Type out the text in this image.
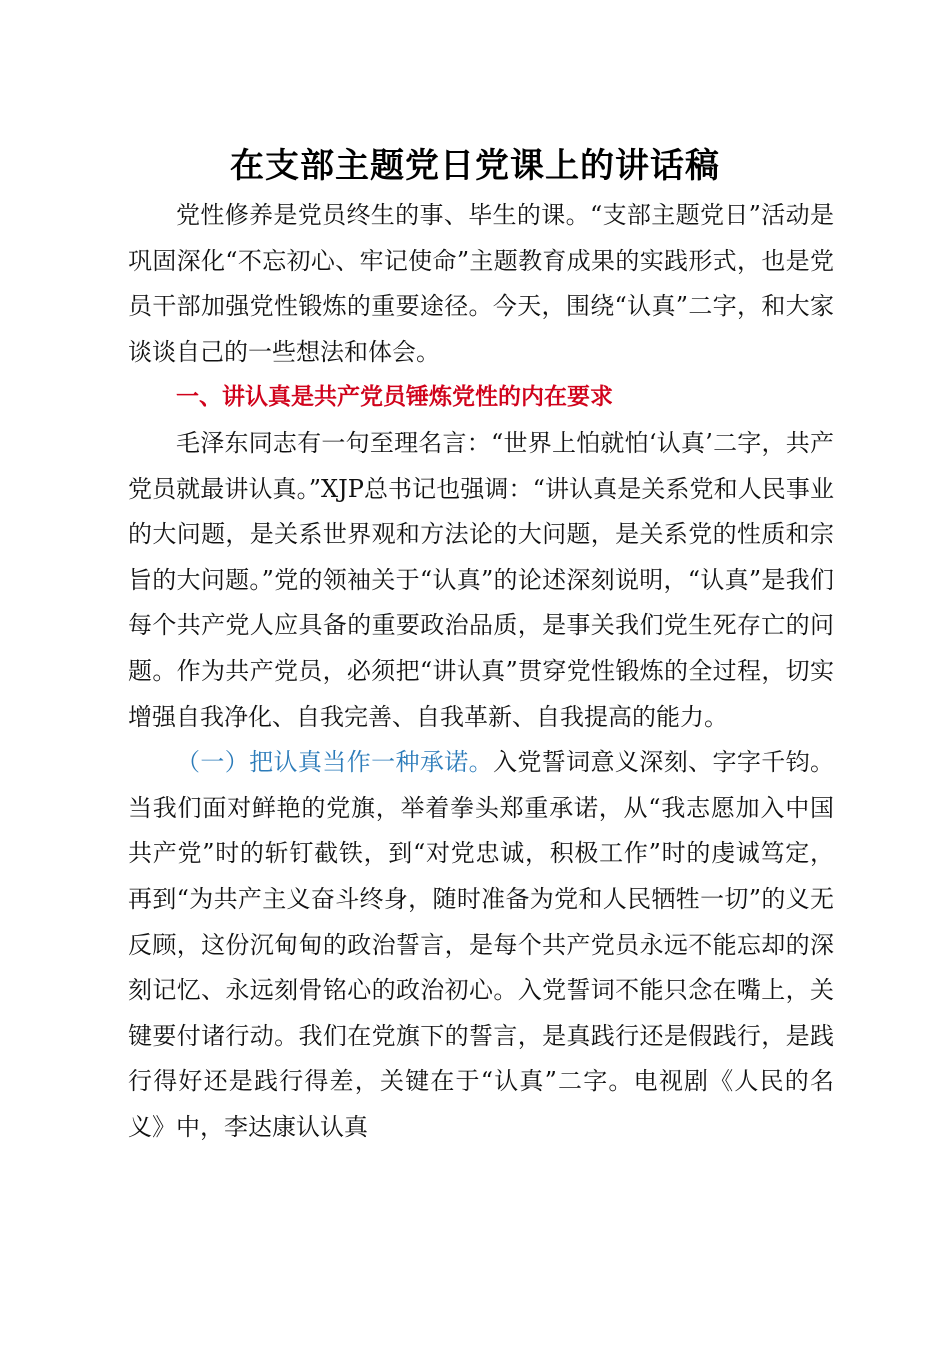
在支部主题党日党课上的讲话稿

党性修养是党员终生的事、毕生的课。“支部主题党日”活动是巩固深化“不忘初心、牢记使命”主题教育成果的实践形式，也是党员干部加强党性锻炼的重要途径。今天，围绕“认真”二字，和大家谈谈自己的一些想法和体会。

一、讲认真是共产党员锤炼党性的内在要求

毛泽东同志有一句至理名言：“世界上怕就怕‘认真’二字，共产党员就最讲认真。”XJP总书记也强调：“讲认真是关系党和人民事业的大问题，是关系世界观和方法论的大问题，是关系党的性质和宗旨的大问题。”党的领袖关于“认真”的论述深刻说明，“认真”是我们每个共产党人应具备的重要政治品质，是事关我们党生死存亡的问题。作为共产党员，必须把“讲认真”贯穿党性锻炼的全过程，切实增强自我净化、自我完善、自我革新、自我提高的能力。

（一）把认真当作一种承诺。入党誓词意义深刻、字字千钧。当我们面对鲜艳的党旗，举着拳头郑重承诺，从“我志愿加入中国共产党”时的斩钉截铁，到“对党忠诚，积极工作”时的虔诚笃定，再到“为共产主义奋斗终身，随时准备为党和人民牺牲一切”的义无反顾，这份沉甸甸的政治誓言，是每个共产党员永远不能忘却的深刻记忆、永远刻骨铭心的政治初心。入党誓词不能只念在嘴上，关键要付诸行动。我们在党旗下的誓言，是真践行还是假践行，是践行得好还是践行得差，关键在于“认真”二字。电视剧《人民的名义》中，李达康认认真
